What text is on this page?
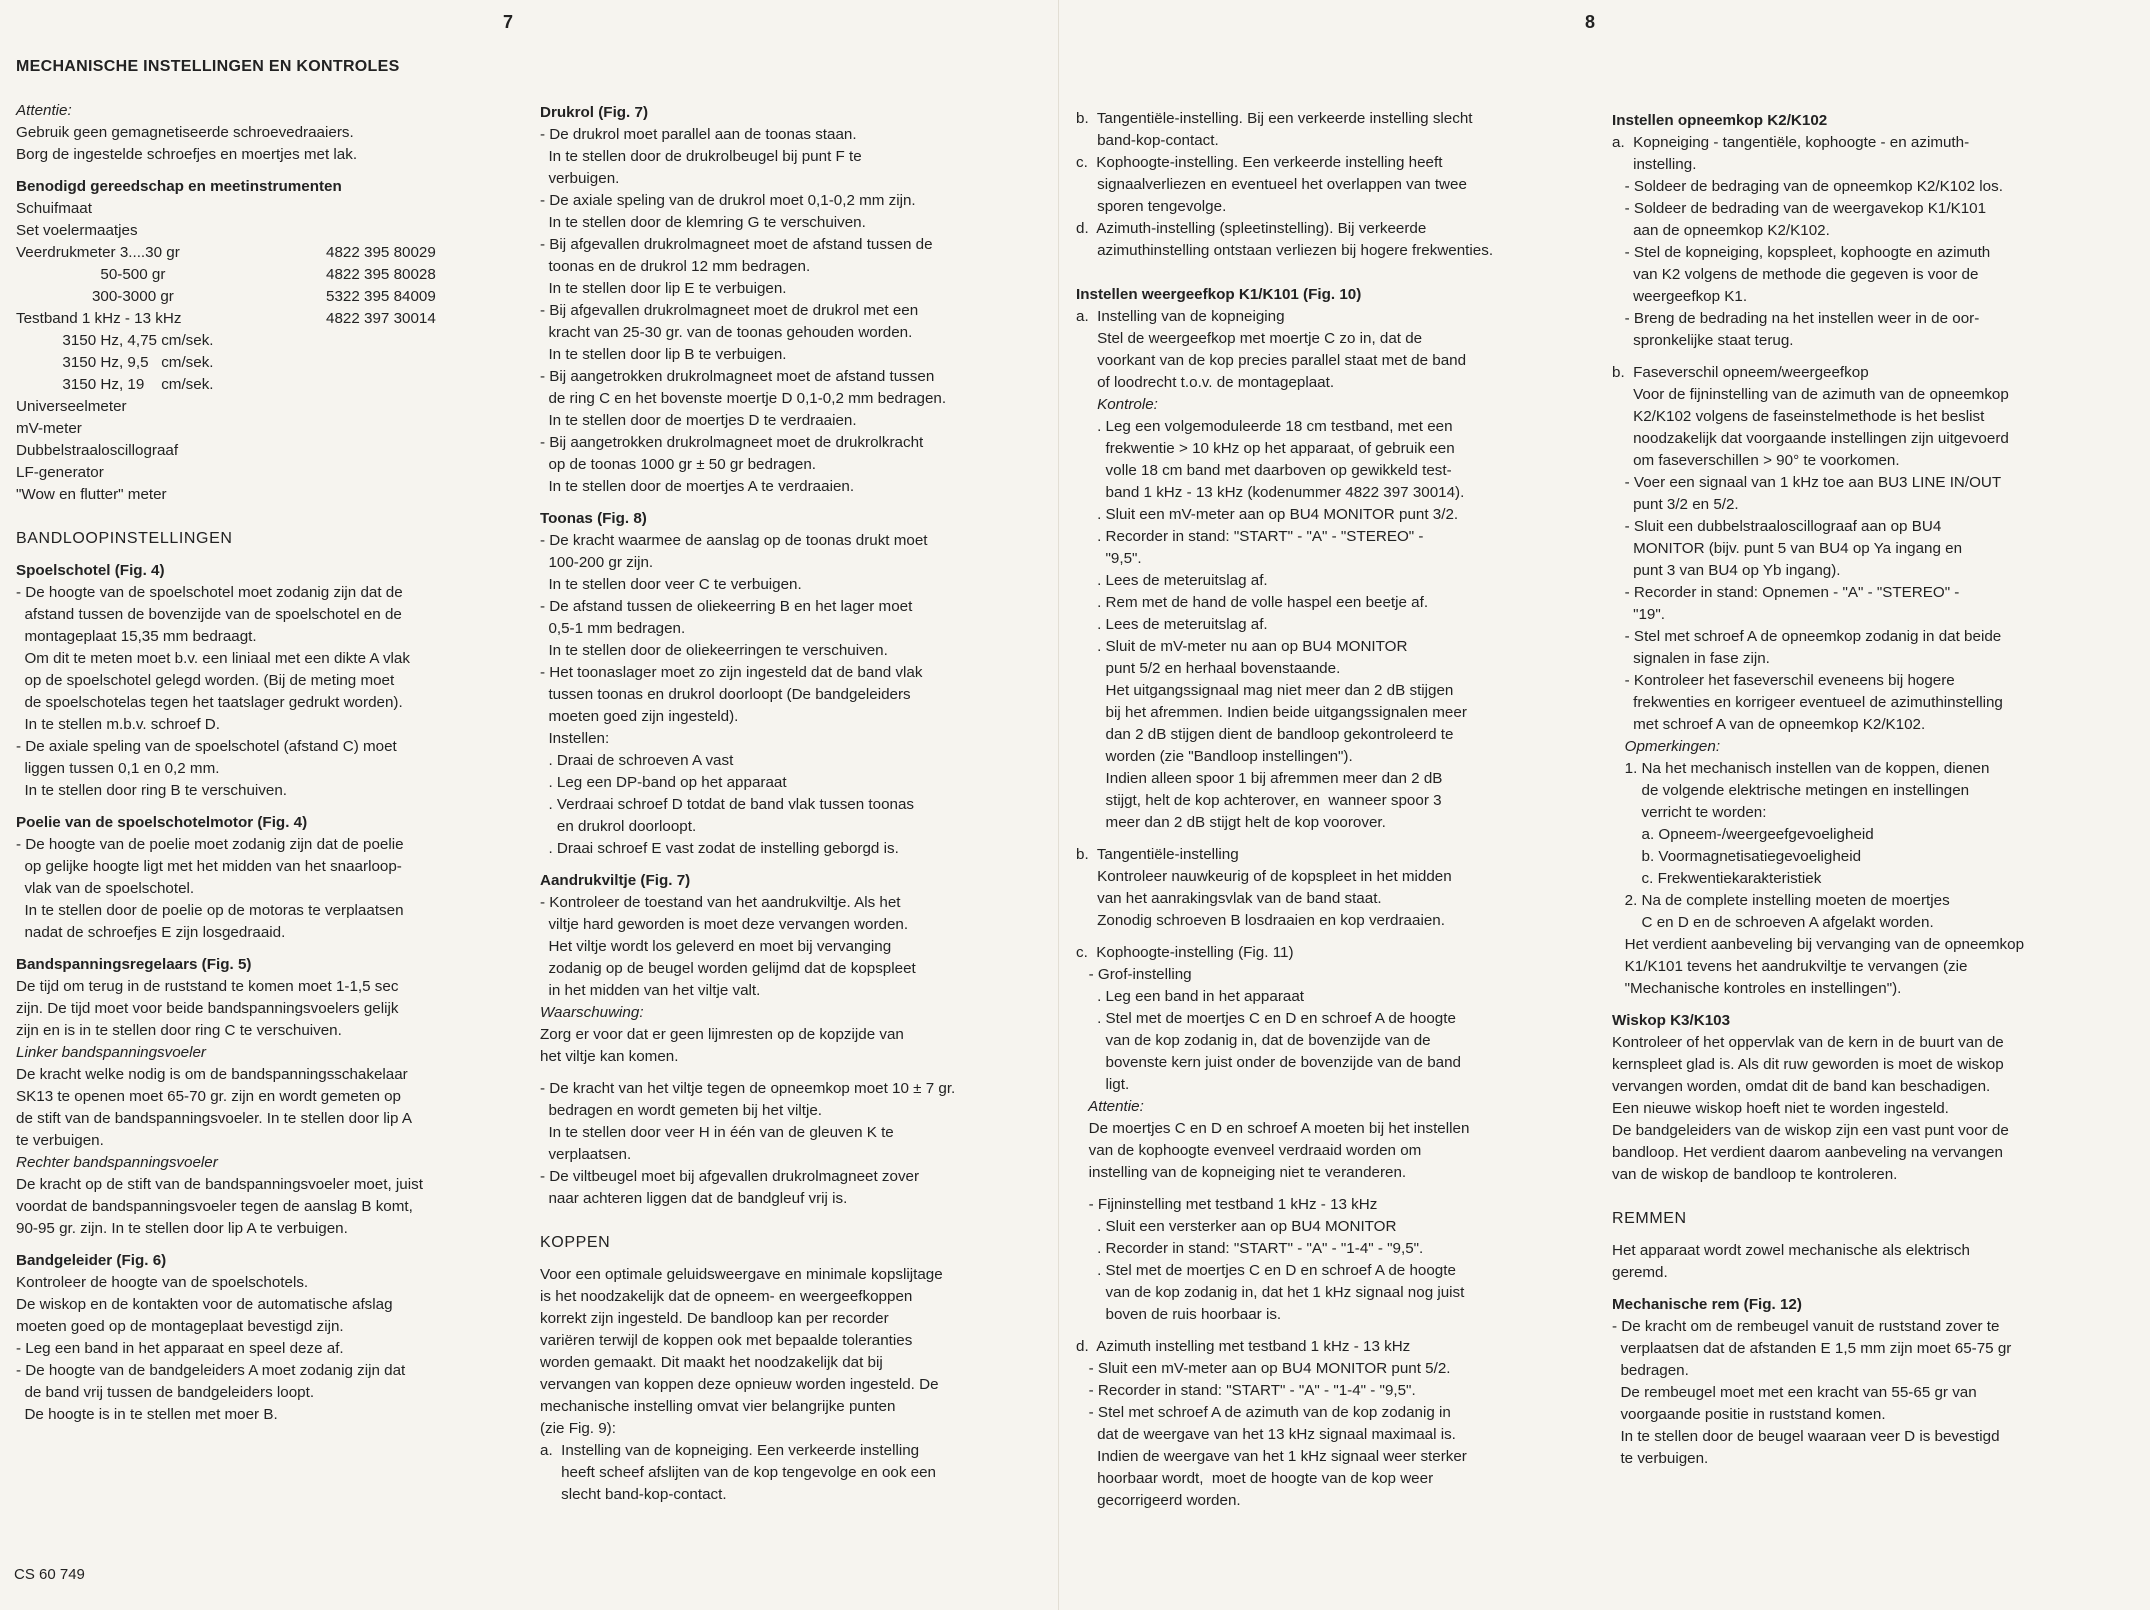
7	8

MECHANISCHE INSTELLINGEN EN KONTROLES

Attentie:

Gebruik geen gemagnetiseerde schroevedraaiers.

Borg de ingestelde schroefjes en moertjes met lak.

Benodigd gereedschap en meetinstrumenten

Schuifmaat

Set voelermaatjes

Veerdrukmeter 3....30 gr	4822 395 80029

50-500 gr	4822 395 80028

300-3000 gr	5322 395 84009

Testband 1 kHz - 13 kHz	4822 397 30014

3150 Hz, 4,75 cm/sek.

3150 Hz, 9,5   cm/sek.

3150 Hz, 19    cm/sek.

Universeelmeter

mV-meter

Dubbelstraaloscillograaf

LF-generator

"Wow en flutter" meter

BANDLOOPINSTELLINGEN

Spoelschotel (Fig. 4)

- De hoogte van de spoelschotel moet zodanig zijn dat de

afstand tussen de bovenzijde van de spoelschotel en de

montageplaat 15,35 mm bedraagt.

Om dit te meten moet b.v. een liniaal met een dikte A vlak

op de spoelschotel gelegd worden. (Bij de meting moet

de spoelschotelas tegen het taatslager gedrukt worden).

In te stellen m.b.v. schroef D.

- De axiale speling van de spoelschotel (afstand C) moet

liggen tussen 0,1 en 0,2 mm.

In te stellen door ring B te verschuiven.

Poelie van de spoelschotelmotor (Fig. 4)

- De hoogte van de poelie moet zodanig zijn dat de poelie

op gelijke hoogte ligt met het midden van het snaarloop-

vlak van de spoelschotel.

In te stellen door de poelie op de motoras te verplaatsen

nadat de schroefjes E zijn losgedraaid.

Bandspanningsregelaars (Fig. 5)

De tijd om terug in de ruststand te komen moet 1-1,5 sec

zijn. De tijd moet voor beide bandspanningsvoelers gelijk

zijn en is in te stellen door ring C te verschuiven.

Linker bandspanningsvoeler

De kracht welke nodig is om de bandspanningsschakelaar

SK13 te openen moet 65-70 gr. zijn en wordt gemeten op

de stift van de bandspanningsvoeler. In te stellen door lip A

te verbuigen.

Rechter bandspanningsvoeler

De kracht op de stift van de bandspanningsvoeler moet, juist

voordat de bandspanningsvoeler tegen de aanslag B komt,

90-95 gr. zijn. In te stellen door lip A te verbuigen.

Bandgeleider (Fig. 6)

Kontroleer de hoogte van de spoelschotels.

De wiskop en de kontakten voor de automatische afslag

moeten goed op de montageplaat bevestigd zijn.

- Leg een band in het apparaat en speel deze af.

- De hoogte van de bandgeleiders A moet zodanig zijn dat

de band vrij tussen de bandgeleiders loopt.

De hoogte is in te stellen met moer B.

Drukrol (Fig. 7)

- De drukrol moet parallel aan de toonas staan.

In te stellen door de drukrolbeugel bij punt F te

verbuigen.

- De axiale speling van de drukrol moet 0,1-0,2 mm zijn.

In te stellen door de klemring G te verschuiven.

- Bij afgevallen drukrolmagneet moet de afstand tussen de

toonas en de drukrol 12 mm bedragen.

In te stellen door lip E te verbuigen.

- Bij afgevallen drukrolmagneet moet de drukrol met een

kracht van 25-30 gr. van de toonas gehouden worden.

In te stellen door lip B te verbuigen.

- Bij aangetrokken drukrolmagneet moet de afstand tussen

de ring C en het bovenste moertje D 0,1-0,2 mm bedragen.

In te stellen door de moertjes D te verdraaien.

- Bij aangetrokken drukrolmagneet moet de drukrolkracht

op de toonas 1000 gr ± 50 gr bedragen.

In te stellen door de moertjes A te verdraaien.

Toonas (Fig. 8)

- De kracht waarmee de aanslag op de toonas drukt moet

100-200 gr zijn.

In te stellen door veer C te verbuigen.

- De afstand tussen de oliekeerring B en het lager moet

0,5-1 mm bedragen.

In te stellen door de oliekeerringen te verschuiven.

- Het toonaslager moet zo zijn ingesteld dat de band vlak

tussen toonas en drukrol doorloopt (De bandgeleiders

moeten goed zijn ingesteld).

Instellen:

. Draai de schroeven A vast

. Leg een DP-band op het apparaat

. Verdraai schroef D totdat de band vlak tussen toonas

en drukrol doorloopt.

. Draai schroef E vast zodat de instelling geborgd is.

Aandrukviltje (Fig. 7)

- Kontroleer de toestand van het aandrukviltje. Als het

viltje hard geworden is moet deze vervangen worden.

Het viltje wordt los geleverd en moet bij vervanging

zodanig op de beugel worden gelijmd dat de kopspleet

in het midden van het viltje valt.

Waarschuwing:

Zorg er voor dat er geen lijmresten op de kopzijde van

het viltje kan komen.

- De kracht van het viltje tegen de opneemkop moet 10 ± 7 gr.

bedragen en wordt gemeten bij het viltje.

In te stellen door veer H in één van de gleuven K te

verplaatsen.

- De viltbeugel moet bij afgevallen drukrolmagneet zover

naar achteren liggen dat de bandgleuf vrij is.

KOPPEN

Voor een optimale geluidsweergave en minimale kopslijtage

is het noodzakelijk dat de opneem- en weergeefkoppen

korrekt zijn ingesteld. De bandloop kan per recorder

variëren terwijl de koppen ook met bepaalde toleranties

worden gemaakt. Dit maakt het noodzakelijk dat bij

vervangen van koppen deze opnieuw worden ingesteld. De

mechanische instelling omvat vier belangrijke punten

(zie Fig. 9):

a.  Instelling van de kopneiging. Een verkeerde instelling

heeft scheef afslijten van de kop tengevolge en ook een

slecht band-kop-contact.

b.  Tangentiële-instelling. Bij een verkeerde instelling slecht

band-kop-contact.

c.  Kophoogte-instelling. Een verkeerde instelling heeft

signaalverliezen en eventueel het overlappen van twee

sporen tengevolge.

d.  Azimuth-instelling (spleetinstelling). Bij verkeerde

azimuthinstelling ontstaan verliezen bij hogere frekwenties.

Instellen weergeefkop K1/K101 (Fig. 10)

a.  Instelling van de kopneiging

Stel de weergeefkop met moertje C zo in, dat de

voorkant van de kop precies parallel staat met de band

of loodrecht t.o.v. de montageplaat.

Kontrole:

. Leg een volgemoduleerde 18 cm testband, met een

frekwentie > 10 kHz op het apparaat, of gebruik een

volle 18 cm band met daarboven op gewikkeld test-

band 1 kHz - 13 kHz (kodenummer 4822 397 30014).

. Sluit een mV-meter aan op BU4 MONITOR punt 3/2.

. Recorder in stand: "START" - "A" - "STEREO" -

"9,5".

. Lees de meteruitslag af.

. Rem met de hand de volle haspel een beetje af.

. Lees de meteruitslag af.

. Sluit de mV-meter nu aan op BU4 MONITOR

punt 5/2 en herhaal bovenstaande.

Het uitgangssignaal mag niet meer dan 2 dB stijgen

bij het afremmen. Indien beide uitgangssignalen meer

dan 2 dB stijgen dient de bandloop gekontroleerd te

worden (zie "Bandloop instellingen").

Indien alleen spoor 1 bij afremmen meer dan 2 dB

stijgt, helt de kop achterover, en  wanneer spoor 3

meer dan 2 dB stijgt helt de kop voorover.

b.  Tangentiële-instelling

Kontroleer nauwkeurig of de kopspleet in het midden

van het aanrakingsvlak van de band staat.

Zonodig schroeven B losdraaien en kop verdraaien.

c.  Kophoogte-instelling (Fig. 11)

- Grof-instelling

. Leg een band in het apparaat

. Stel met de moertjes C en D en schroef A de hoogte

van de kop zodanig in, dat de bovenzijde van de

bovenste kern juist onder de bovenzijde van de band

ligt.

Attentie:

De moertjes C en D en schroef A moeten bij het instellen

van de kophoogte evenveel verdraaid worden om

instelling van de kopneiging niet te veranderen.

- Fijninstelling met testband 1 kHz - 13 kHz

. Sluit een versterker aan op BU4 MONITOR

. Recorder in stand: "START" - "A" - "1-4" - "9,5".

. Stel met de moertjes C en D en schroef A de hoogte

van de kop zodanig in, dat het 1 kHz signaal nog juist

boven de ruis hoorbaar is.

d.  Azimuth instelling met testband 1 kHz - 13 kHz

- Sluit een mV-meter aan op BU4 MONITOR punt 5/2.

- Recorder in stand: "START" - "A" - "1-4" - "9,5".

- Stel met schroef A de azimuth van de kop zodanig in

dat de weergave van het 13 kHz signaal maximaal is.

Indien de weergave van het 1 kHz signaal weer sterker

hoorbaar wordt,  moet de hoogte van de kop weer

gecorrigeerd worden.

Instellen opneemkop K2/K102

a.  Kopneiging - tangentiële, kophoogte - en azimuth-

instelling.

- Soldeer de bedraging van de opneemkop K2/K102 los.

- Soldeer de bedrading van de weergavekop K1/K101

aan de opneemkop K2/K102.

- Stel de kopneiging, kopspleet, kophoogte en azimuth

van K2 volgens de methode die gegeven is voor de

weergeefkop K1.

- Breng de bedrading na het instellen weer in de oor-

spronkelijke staat terug.

b.  Faseverschil opneem/weergeefkop

Voor de fijninstelling van de azimuth van de opneemkop

K2/K102 volgens de faseinstelmethode is het beslist

noodzakelijk dat voorgaande instellingen zijn uitgevoerd

om faseverschillen > 90° te voorkomen.

- Voer een signaal van 1 kHz toe aan BU3 LINE IN/OUT

punt 3/2 en 5/2.

- Sluit een dubbelstraaloscillograaf aan op BU4

MONITOR (bijv. punt 5 van BU4 op Ya ingang en

punt 3 van BU4 op Yb ingang).

- Recorder in stand: Opnemen - "A" - "STEREO" -

"19".

- Stel met schroef A de opneemkop zodanig in dat beide

signalen in fase zijn.

- Kontroleer het faseverschil eveneens bij hogere

frekwenties en korrigeer eventueel de azimuthinstelling

met schroef A van de opneemkop K2/K102.

Opmerkingen:

1. Na het mechanisch instellen van de koppen, dienen

de volgende elektrische metingen en instellingen

verricht te worden:

a. Opneem-/weergeefgevoeligheid

b. Voormagnetisatiegevoeligheid

c. Frekwentiekarakteristiek

2. Na de complete instelling moeten de moertjes

C en D en de schroeven A afgelakt worden.

Het verdient aanbeveling bij vervanging van de opneemkop

K1/K101 tevens het aandrukviltje te vervangen (zie

"Mechanische kontroles en instellingen").

Wiskop K3/K103

Kontroleer of het oppervlak van de kern in de buurt van de

kernspleet glad is. Als dit ruw geworden is moet de wiskop

vervangen worden, omdat dit de band kan beschadigen.

Een nieuwe wiskop hoeft niet te worden ingesteld.

De bandgeleiders van de wiskop zijn een vast punt voor de

bandloop. Het verdient daarom aanbeveling na vervangen

van de wiskop de bandloop te kontroleren.

REMMEN

Het apparaat wordt zowel mechanische als elektrisch

geremd.

Mechanische rem (Fig. 12)

- De kracht om de rembeugel vanuit de ruststand zover te

verplaatsen dat de afstanden E 1,5 mm zijn moet 65-75 gr

bedragen.

De rembeugel moet met een kracht van 55-65 gr van

voorgaande positie in ruststand komen.

In te stellen door de beugel waaraan veer D is bevestigd

te verbuigen.

CS 60 749
